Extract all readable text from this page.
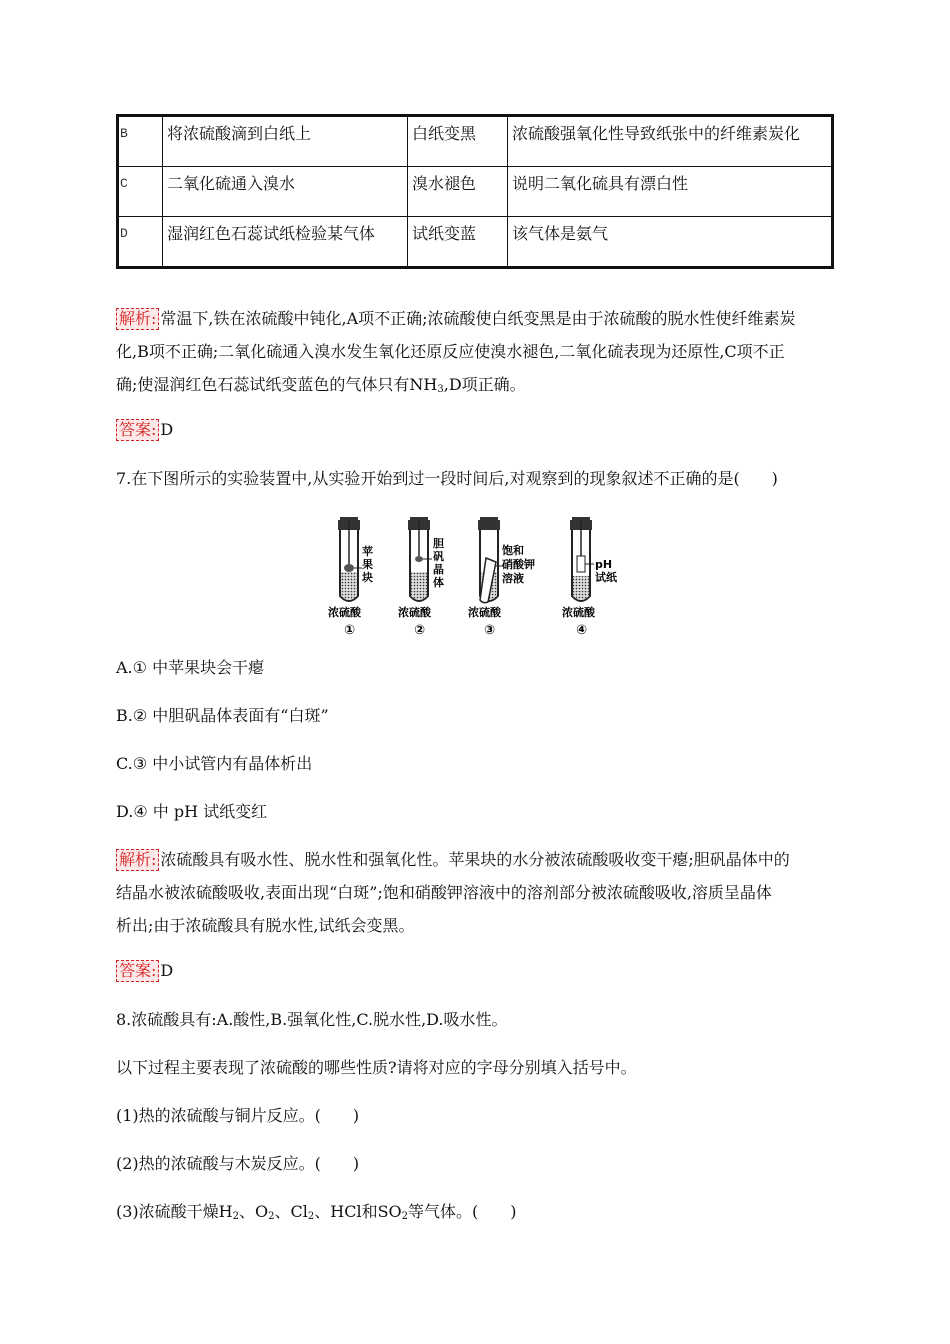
B	将浓硫酸滴到白纸上	白纸变黑	浓硫酸强氧化性导致纸张中的纤维素炭化
C	二氧化硫通入溴水	溴水褪色	说明二氧化硫具有漂白性
D	湿润红色石蕊试纸检验某气体	试纸变蓝	该气体是氨气
解析: 常温下,铁在浓硫酸中钝化,A项不正确;浓硫酸使白纸变黑是由于浓硫酸的脱水性使纤维素炭
化,B项不正确;二氧化硫通入溴水发生氧化还原反应使溴水褪色,二氧化硫表现为还原性,C项不正
确;使湿润红色石蕊试纸变蓝色的气体只有$NH_3,D$项正确。
答案: D
7.在下图所示的实验装置中,从实验开始到过一段时间后,对观察到的现象叙述不正确的是(　　)
苹果块
胆矾晶体
饱和硝酸钾溶液
pH 试纸
浓硫酸	浓硫酸	浓硫酸	浓硫酸
①	②	③	④
A.① 中苹果块会干瘪
B.② 中胆矾晶体表面有“白斑”
C.③ 中小试管内有晶体析出
D.④ 中 pH 试纸变红
解析: 浓硫酸具有吸水性、脱水性和强氧化性。苹果块的水分被浓硫酸吸收变干瘪;胆矾晶体中的
结晶水被浓硫酸吸收,表面出现“白斑”;饱和硝酸钾溶液中的溶剂部分被浓硫酸吸收,溶质呈晶体
析出;由于浓硫酸具有脱水性,试纸会变黑。
答案: D
8.浓硫酸具有:A.酸性,B.强氧化性,C.脱水性,D.吸水性。
以下过程主要表现了浓硫酸的哪些性质?请将对应的字母分别填入括号中。
(1)热的浓硫酸与铜片反应。(　　)
(2)热的浓硫酸与木炭反应。(　　)
(3)浓硫酸干燥$H_2$、$O_2$、$Cl_2$、HCl和$SO_2$等气体。(　　)
